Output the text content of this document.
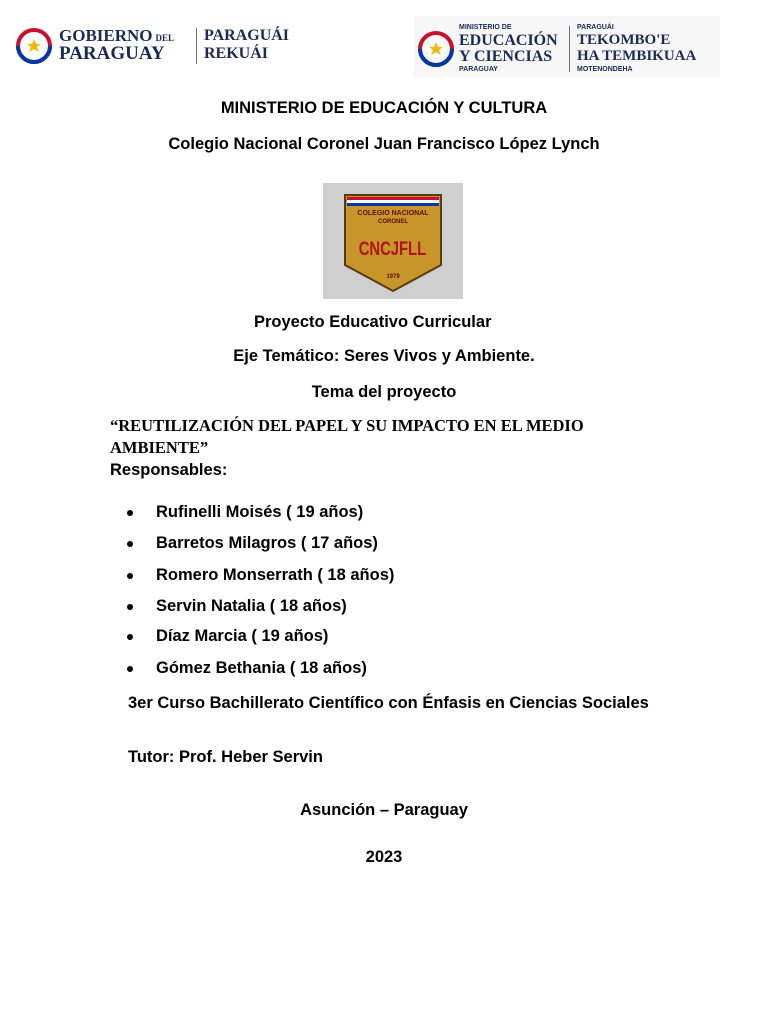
GOBIERNO DEL
PARAGUAY
PARAGUÁI
REKUÁI
MINISTERIO DE
EDUCACIÓN
Y CIENCIAS
PARAGUAY
PARAGUÁI
TEKOMBO'E
HA TEMBIKUAA
MOTENONDEHA
MINISTERIO DE EDUCACIÓN Y CULTURA
Colegio Nacional Coronel Juan Francisco López Lynch
COLEGIO NACIONAL
CORONEL
CNCJFLL
1979
Proyecto Educativo Curricular
Eje Temático: Seres Vivos y Ambiente.
Tema del proyecto
“REUTILIZACIÓN DEL PAPEL Y SU IMPACTO EN EL MEDIO AMBIENTE”
Responsables:
Rufinelli Moisés ( 19 años)
Barretos Milagros ( 17 años)
Romero Monserrath ( 18 años)
Servin Natalia ( 18 años)
Díaz Marcia ( 19 años)
Gómez Bethania ( 18 años)
3er Curso Bachillerato Científico con Énfasis en Ciencias Sociales
Tutor: Prof. Heber Servin
Asunción – Paraguay
2023
